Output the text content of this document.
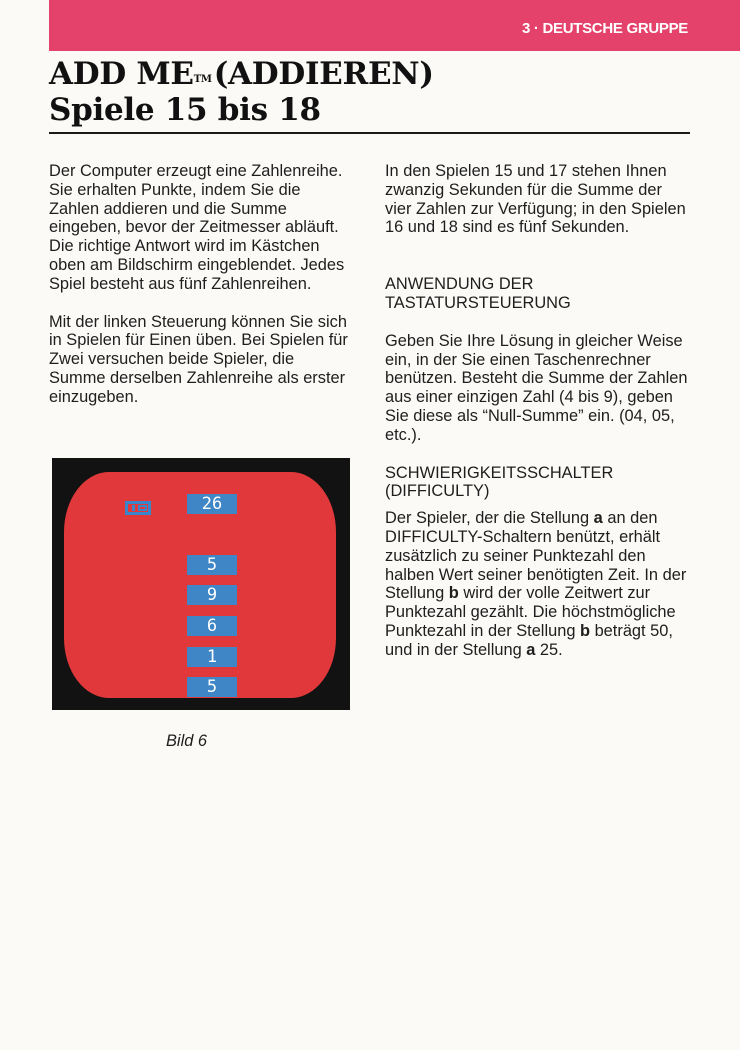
3 · DEUTSCHE GRUPPE
ADD ME™(ADDIEREN)
Spiele 15 bis 18

Der Computer erzeugt eine Zahlenreihe. Sie erhalten Punkte, indem Sie die Zahlen addieren und die Summe eingeben, bevor der Zeitmesser abläuft. Die richtige Antwort wird im Kästchen oben am Bildschirm eingeblendet. Jedes Spiel besteht aus fünf Zahlenreihen.

Mit der linken Steuerung können Sie sich in Spielen für Einen üben. Bei Spielen für Zwei versuchen beide Spieler, die Summe derselben Zahlenreihe als erster einzugeben.

26
5
9
6
1
5
Bild 6

In den Spielen 15 und 17 stehen Ihnen zwanzig Sekunden für die Summe der vier Zahlen zur Verfügung; in den Spielen 16 und 18 sind es fünf Sekunden.

ANWENDUNG DER
TASTATURSTEUERUNG

Geben Sie Ihre Lösung in gleicher Weise ein, in der Sie einen Taschenrechner benützen. Besteht die Summe der Zahlen aus einer einzigen Zahl (4 bis 9), geben Sie diese als “Null-Summe” ein. (04, 05, etc.).

SCHWIERIGKEITSSCHALTER
(DIFFICULTY)

Der Spieler, der die Stellung a an den DIFFICULTY-Schaltern benützt, erhält zusätzlich zu seiner Punktezahl den halben Wert seiner benötigten Zeit. In der Stellung b wird der volle Zeitwert zur Punktezahl gezählt. Die höchstmögliche Punktezahl in der Stellung b beträgt 50, und in der Stellung a 25.
